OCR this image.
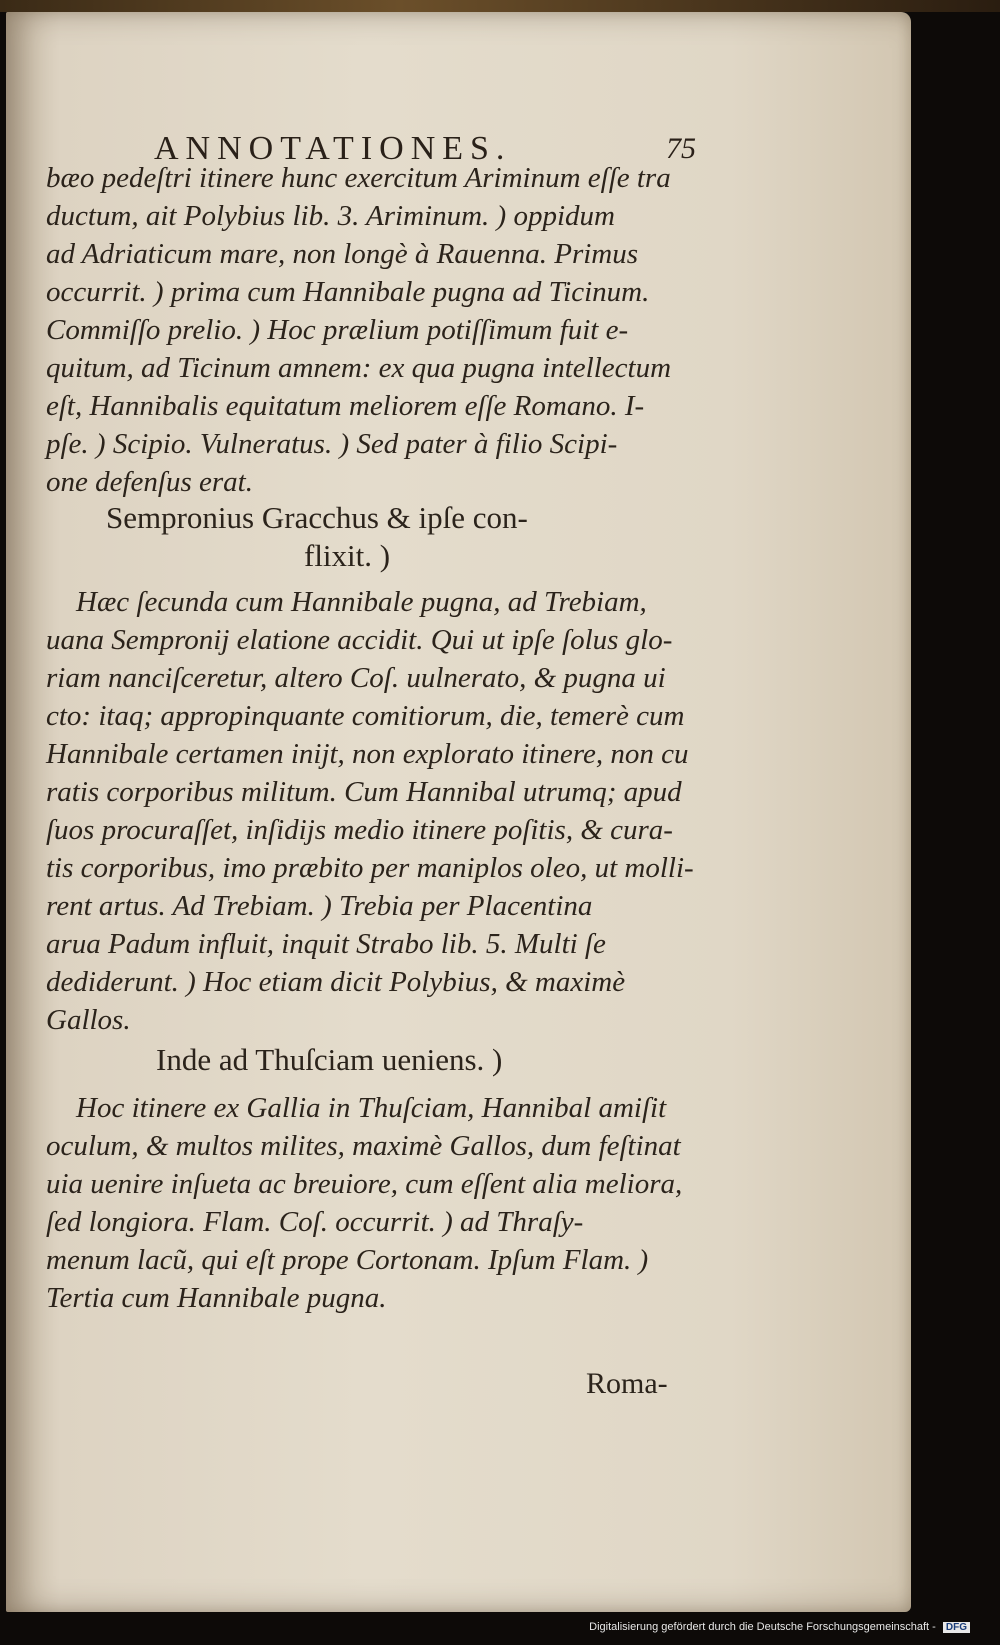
ANNOTATIONES.	75
bæo pedeſtri itinere hunc exercitum Ariminum eſſe tra
ductum, ait Polybius lib. 3. Ariminum. ) oppidum
ad Adriaticum mare, non longè à Rauenna. Primus
occurrit. ) prima cum Hannibale pugna ad Ticinum.
Commiſſo prelio. ) Hoc prælium potiſſimum fuit e-
quitum, ad Ticinum amnem: ex qua pugna intellectum
eſt, Hannibalis equitatum meliorem eſſe Romano. I-
pſe. ) Scipio. Vulneratus. ) Sed pater à filio Scipi-
one defenſus erat.
Sempronius Gracchus & ipſe con-
flixit. )
Hæc ſecunda cum Hannibale pugna, ad Trebiam,
uana Sempronij elatione accidit. Qui ut ipſe ſolus glo-
riam nanciſceretur, altero Coſ. uulnerato, & pugna ui
cto: itaq; appropinquante comitiorum, die, temerè cum
Hannibale certamen inijt, non explorato itinere, non cu
ratis corporibus militum. Cum Hannibal utrumq; apud
ſuos procuraſſet, inſidijs medio itinere poſitis, & cura-
tis corporibus, imo præbito per maniplos oleo, ut molli-
rent artus. Ad Trebiam. ) Trebia per Placentina
arua Padum influit, inquit Strabo lib. 5. Multi ſe
dediderunt. ) Hoc etiam dicit Polybius, & maximè
Gallos.
Inde ad Thuſciam ueniens. )
Hoc itinere ex Gallia in Thuſciam, Hannibal amiſit
oculum, & multos milites, maximè Gallos, dum feſtinat
uia uenire inſueta ac breuiore, cum eſſent alia meliora,
ſed longiora. Flam. Coſ. occurrit. ) ad Thraſy-
menum lacũ, qui eſt prope Cortonam. Ipſum Flam. )
Tertia cum Hannibale pugna.
Roma-
Digitalisierung gefördert durch die Deutsche Forschungsgemeinschaft - DFG
